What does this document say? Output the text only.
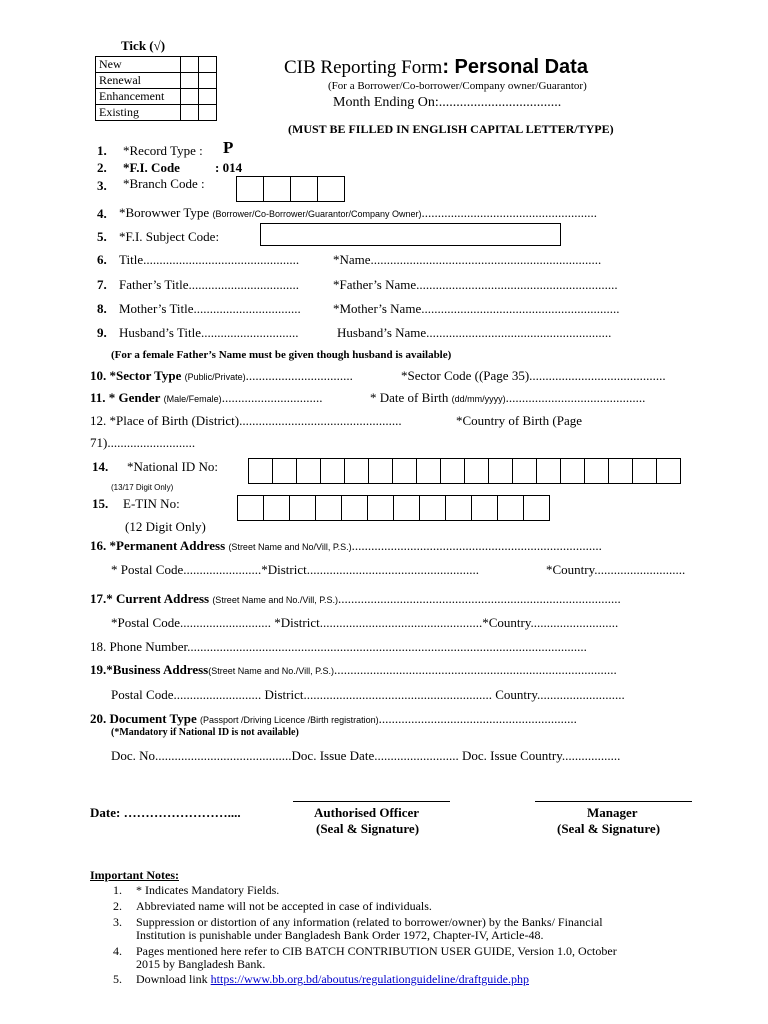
Tick (√)
New		
Renewal		
Enhancement		
Existing		
CIB Reporting Form: Personal Data
(For a Borrower/Co-borrower/Company owner/Guarantor)
Month Ending On:...................................
(MUST BE FILLED IN ENGLISH CAPITAL LETTER/TYPE)
1. *Record Type : P
2. *F.I. Code	: 014
3. *Branch Code :
4. *Borowwer Type (Borrower/Co-Borrower/Guarantor/Company Owner)......................................................
5. *F.I. Subject Code:
6. Title................................................	*Name.......................................................................
7. Father’s Title..................................	*Father’s Name..............................................................
8. Mother’s Title................................. *Mother’s Name.............................................................
9. Husband’s Title..............................	Husband’s Name.........................................................
(For a female Father’s Name must be given though husband is available)
10. *Sector Type (Public/Private).................................	*Sector Code ((Page 35)..........................................
11. * Gender (Male/Female)...............................	* Date of Birth (dd/mm/yyyy)...........................................
12. *Place of Birth (District)..................................................	*Country of Birth (Page
71)...........................
14. *National ID No:
(13/17 Digit Only)
15. E-TIN No:
(12 Digit Only)
16. *Permanent Address (Street Name and No/Vill, P.S.).............................................................................
* Postal Code........................*District.....................................................	*Country............................
17.* Current Address (Street Name and No./Vill, P.S.).......................................................................................
*Postal Code............................ *District..................................................*Country...........................
18. Phone Number...........................................................................................................................
19.*Business Address(Street Name and No./Vill, P.S.).......................................................................................
Postal Code........................... District.......................................................... Country...........................
20. Document Type (Passport /Driving Licence /Birth registration).............................................................
(*Mandatory if National ID is not available)
Doc. No..........................................Doc. Issue Date.......................... Doc. Issue Country..................
Date: ……………………....	Authorised Officer
(Seal & Signature)
Manager
(Seal & Signature)
Important Notes:
1. * Indicates Mandatory Fields.
2. Abbreviated name will not be accepted in case of individuals.
3. Suppression or distortion of any information (related to borrower/owner) by the Banks/ Financial
Institution is punishable under Bangladesh Bank Order 1972, Chapter-IV, Article-48.
4. Pages mentioned here refer to CIB BATCH CONTRIBUTION USER GUIDE, Version 1.0, October
2015 by Bangladesh Bank.
5. Download link https://www.bb.org.bd/aboutus/regulationguideline/draftguide.php
